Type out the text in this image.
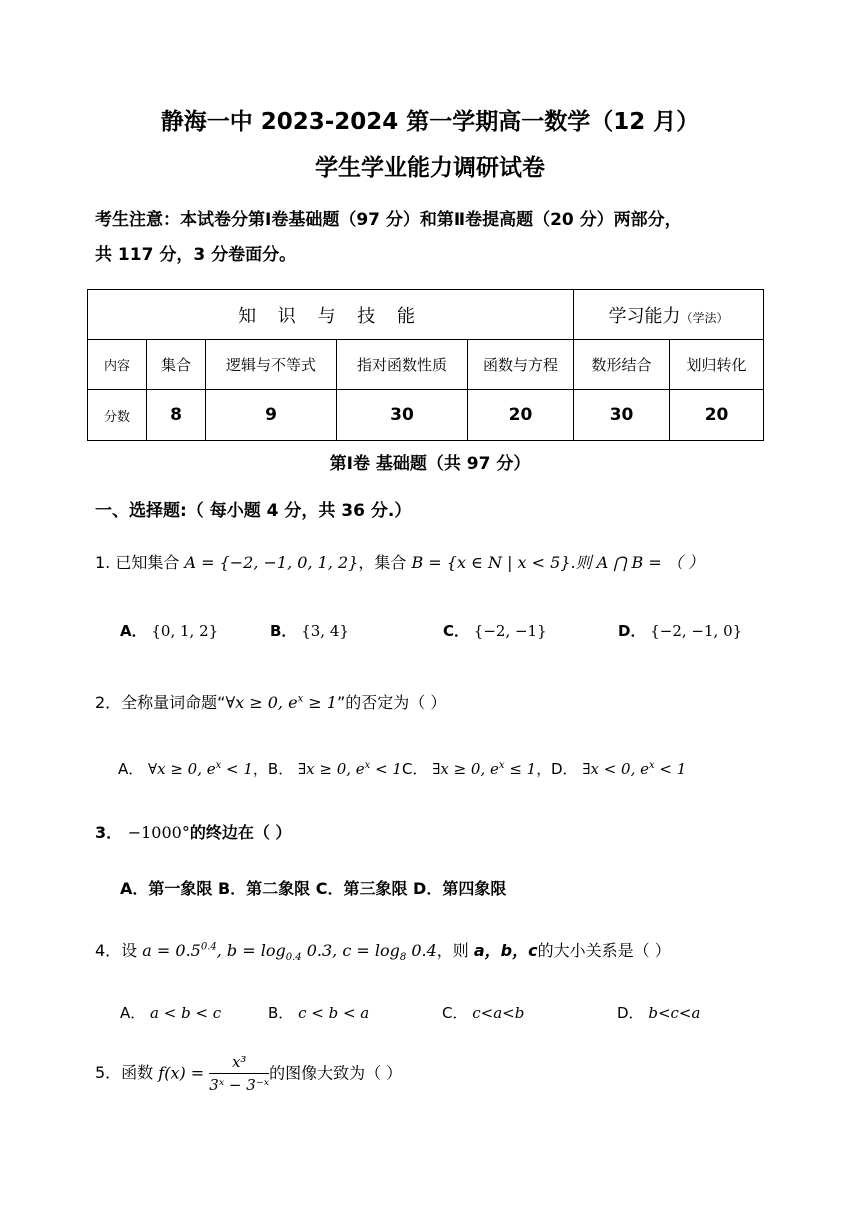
静海一中 2023-2024 第一学期高一数学（12 月）
学生学业能力调研试卷
考生注意：本试卷分第Ⅰ卷基础题（97 分）和第Ⅱ卷提高题（20 分）两部分，
共 117 分，3 分卷面分。
知 识 与 技 能					学习能力（学法）	
内容	集合	逻辑与不等式	指对函数性质	函数与方程	数形结合	划归转化
分数	8	9	30	20	30	20
第Ⅰ卷 基础题（共 97 分）
一、选择题:（ 每小题 4 分，共 36 分.）
1. 已知集合 A = {−2, −1, 0, 1, 2}，集合 B = {x ∈ N | x < 5}.则 A ⋂ B = （ ）
A． {0, 1, 2}	B． {3, 4}	C． {−2, −1}	D． {−2, −1, 0}
2．全称量词命题“∀x ≥ 0, $e^x \ge 1$”的否定为（ ）
A． ∀x ≥ 0, $e^x < 1$，B． ∃x ≥ 0, $e^x < 1C$． ∃x ≥ 0, $e^x \le 1$， D． ∃x < 0, $e^x < 1$
3． −1000°的终边在（ ）
A．第一象限 B．第二象限 C．第三象限 D．第四象限
4．设 $a = 0.5^{0.4}$, $b = \log_{0.4} 0.3$, $c = \log_8 0.4$，则 a，b，c的大小关系是（ ）
A． a < b < c	B． c < b < a	C． c<a<b	D． b<c<a
5．函数 $f(x) = \frac{\text{x³}}{\text{3ˣ − 3⁻ˣ}}$ 的图像大致为（ ）
